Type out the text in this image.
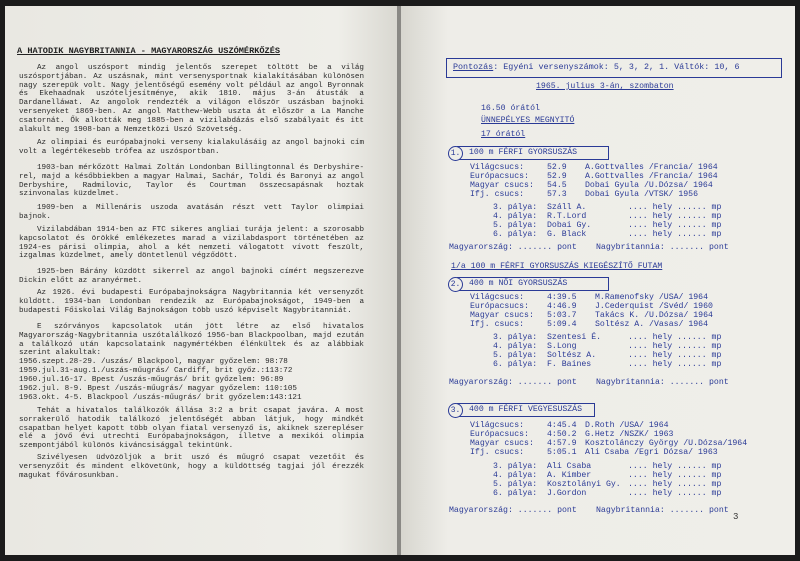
A HATODIK NAGYBRITANNIA - MAGYARORSZÁG USZÓMÉRKŐZÉS

Az angol uszósport mindig jelentős szerepet töltött be a világ uszósportjában. Az uszásnak, mint versenysportnak kialakításában különösen nagy szerepük volt. Nagy jelentőségű esemény volt például az angol Byronnak és Ekehaadnak uszóteljesítménye, akik 1810. május 3-án átusták a Dardanelláwat. Az angolok rendezték a világon először uszásban bajnoki versenyeket 1869-ben. Az angol Matthew-Webb uszta át először a La Manche csatornát. Ők alkották meg 1885-ben a vizilabdázás első szabályait és itt alakult meg 1908-ban a Nemzetközi Uszó Szövetség.

Az olimpiai és európabajnoki verseny kialakulásáig az angol bajnoki cím volt a legértékesebb trófea az uszósportban.

1903-ban mérkőzött Halmai Zoltán Londonban Billingtonnal és Derbyshire-rel, majd a későbbiekben a magyar Halmai, Sachár, Toldi és Baronyi az angol Derbyshire, Radmilovic, Taylor és Courtman összecsapásnak hoztak szinvonalas küzdelmet.

1909-ben a Millenáris uszoda avatásán részt vett Taylor olimpiai bajnok.

Vizilabdában 1914-ben az FTC sikeres angliai turája jelent: a szorosabb kapcsolatot és örökké emlékezetes marad a vizilabdasport történetében az 1924-es párisi olimpia, ahol a két nemzeti válogatott vívott feszült, izgalmas küzdelmet, amely döntetlenül végződött.

1925-ben Bárány küzdött sikerrel az angol bajnoki címért megszerezve Dickin előtt az aranyérmet.

Az 1926. évi budapesti Európabajnokságra Nagybritannia két versenyzőt küldött. 1934-ban Londonban rendezik az Európabajnokságot, 1949-ben a budapesti Főiskolai Világ Bajnokságon több uszó képviselt Nagybritanniát.

E szórványos kapcsolatok után jött létre az első hivatalos Magyarország-Nagybritannia uszótalálkozó 1956-ban Blackpoolban, majd ezután a találkozó után kapcsolataink nagymértékben élénkültek és az alábbiak szerint alakultak:

1956.szept.28-29. /uszás/ Blackpool, magyar győzelem: 98:78
1959.jul.31-aug.1./uszás-műugrás/ Cardiff, brit győz.:113:72
1960.jul.16-17. Bpest /uszás-műugrás/ brit győzelem: 96:89
1962.jul. 8-9. Bpest /uszás-műugrás/ magyar győzelem: 110:105
1963.okt. 4-5. Blackpool /uszás-műugrás/ brit győzelem:143:121

Tehát a hivatalos találkozók állása 3:2 a brit csapat javára. A most sorrakerülő hatodik találkozó jelentőségét abban látjuk, hogy mindkét csapatban helyet kapott több olyan fiatal versenyző is, akiknek szerepléser elé a jövő évi utrechti Európabajnokságon, illetve a mexikói olimpia szempontjából különös kiváncsisággal tekintünk.

Szivélyesen üdvözöljük a brit uszó és műugró csapat vezetőit és versenyzőit és mindent elkövetünk, hogy a küldöttség tagjai jól érezzék magukat fővárosunkban.

Pontozás: Egyéni versenyszámok: 5, 3, 2, 1. Váltók: 10, 6
1965. julius 3-án, szombaton
16.50 órától
ÜNNEPÉLYES MEGNYITÓ
17 órától
1.	100 m FÉRFI GYORSUSZÁS
Világcsucs:	52.9 A.Gottvalles /Francia/ 1964
Európacsucs: 52.9 A.Gottvalles /Francia/ 1964
Magyar csucs: 54.5 Dobai Gyula /U.Dózsa/ 1964
Ifj. csucs:	57.3 Dobai Gyula /VTSK/ 1956
3. pálya: Száll A.	.... hely ...... mp
4. pálya: R.T.Lord	.... hely ...... mp
5. pálya: Dobai Gy.	.... hely ...... mp
6. pálya: G. Black	.... hely ...... mp
Magyarország: ....... pont Nagybritannia: ....... pont
1/a 100 m FÉRFI GYORSUSZÁS KIEGÉSZÍTŐ FUTAM
2.	400 m NŐI GYORSUSZÁS
Világcsucs:	4:39.5 M.Ramenofsky /USA/ 1964
Európacsucs: 4:46.9 J.Cederquist /Svéd/ 1960
Magyar csucs: 5:03.7 Takács K. /U.Dózsa/ 1964
Ifj. csucs:	5:09.4 Soltész A. /Vasas/ 1964
3. pálya: Szentesi É.	.... hely ...... mp
4. pálya: S.Long	.... hely ...... mp
5. pálya: Soltész A.	.... hely ...... mp
6. pálya: F. Baines	.... hely ...... mp
Magyarország: ....... pont Nagybritannia: ....... pont
3.	400 m FÉRFI VEGYESUSZÁS
Világcsucs:	4:45.4 D.Roth /USA/ 1964
Európacsucs: 4:50.2 G.Hetz /NSZK/ 1963
Magyar csucs: 4:57.9 Kosztolánczy György /U.Dózsa/1964
Ifj. csucs:	5:05.1 Ali Csaba /Egri Dózsa/ 1963
3. pálya: Ali Csaba	.... hely ...... mp
4. pálya: A. Kimber	.... hely ...... mp
5. pálya: Kosztolányi Gy. .... hely ...... mp
6. pálya: J.Gordon	.... hely ...... mp
Magyarország: ....... pont Nagybritannia: ....... pont
3
